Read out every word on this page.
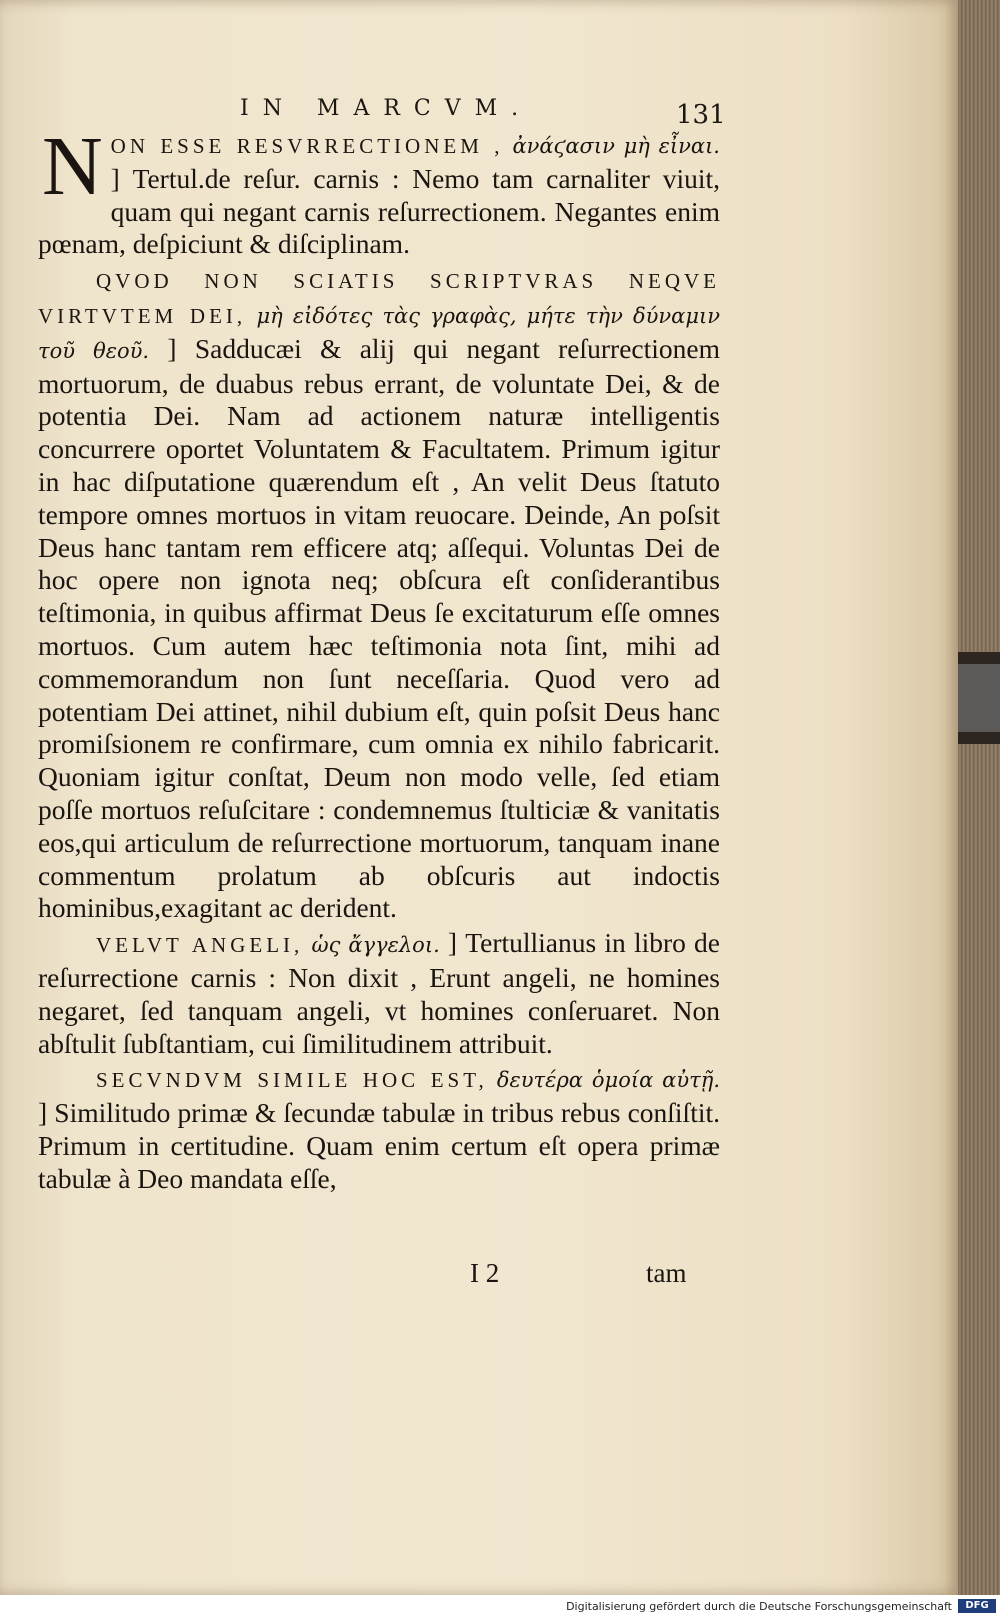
IN MARCVM.	131

N ON ESSE RESVRRECTIONEM , ἀνάϛασιν μὴ εἶναι. ] Tertul.de reſur. carnis : Nemo tam carnaliter viuit, quam qui negant carnis reſurrectionem. Negantes enim pœnam, deſpiciunt & diſciplinam.

QVOD NON SCIATIS SCRIPTVRAS NEQVE VIRTVTEM DEI, μὴ εἰδότες τὰς γραφὰς, μήτε τὴν δύναμιν τοῦ θεοῦ. ] Sadducæi & alij qui negant reſurrectionem mortuorum, de duabus rebus errant, de voluntate Dei, & de potentia Dei. Nam ad actionem naturæ intelligentis concurrere oportet Voluntatem & Facultatem. Primum igitur in hac diſputatione quærendum eſt , An velit Deus ſtatuto tempore omnes mortuos in vitam reuocare. Deinde, An poſsit Deus hanc tantam rem efficere atq; aſſequi. Voluntas Dei de hoc opere non ignota neq; obſcura eſt conſiderantibus teſtimonia, in quibus affirmat Deus ſe excitaturum eſſe omnes mortuos. Cum autem hæc teſtimonia nota ſint, mihi ad commemorandum non ſunt neceſſaria. Quod vero ad potentiam Dei attinet, nihil dubium eſt, quin poſsit Deus hanc promiſsionem re confirmare, cum omnia ex nihilo fabricarit. Quoniam igitur conſtat, Deum non modo velle, ſed etiam poſſe mortuos reſuſcitare : condemnemus ſtulticiæ & vanitatis eos,qui articulum de reſurrectione mortuorum, tanquam inane commentum prolatum ab obſcuris aut indoctis hominibus,exagitant ac derident.

VELVT ANGELI, ὡς ἄγγελοι. ] Tertullianus in libro de reſurrectione carnis : Non dixit , Erunt angeli, ne homines negaret, ſed tanquam angeli, vt homines conſeruaret. Non abſtulit ſubſtantiam, cui ſimilitudinem attribuit.

SECVNDVM SIMILE HOC EST, δευτέρα ὁμοία αὐτῇ. ] Similitudo primæ & ſecundæ tabulæ in tribus rebus conſiſtit. Primum in certitudine. Quam enim certum eſt opera primæ tabulæ à Deo mandata eſſe,

I 2	tam
Digitalisierung gefördert durch die Deutsche Forschungsgemeinschaft	DFG
